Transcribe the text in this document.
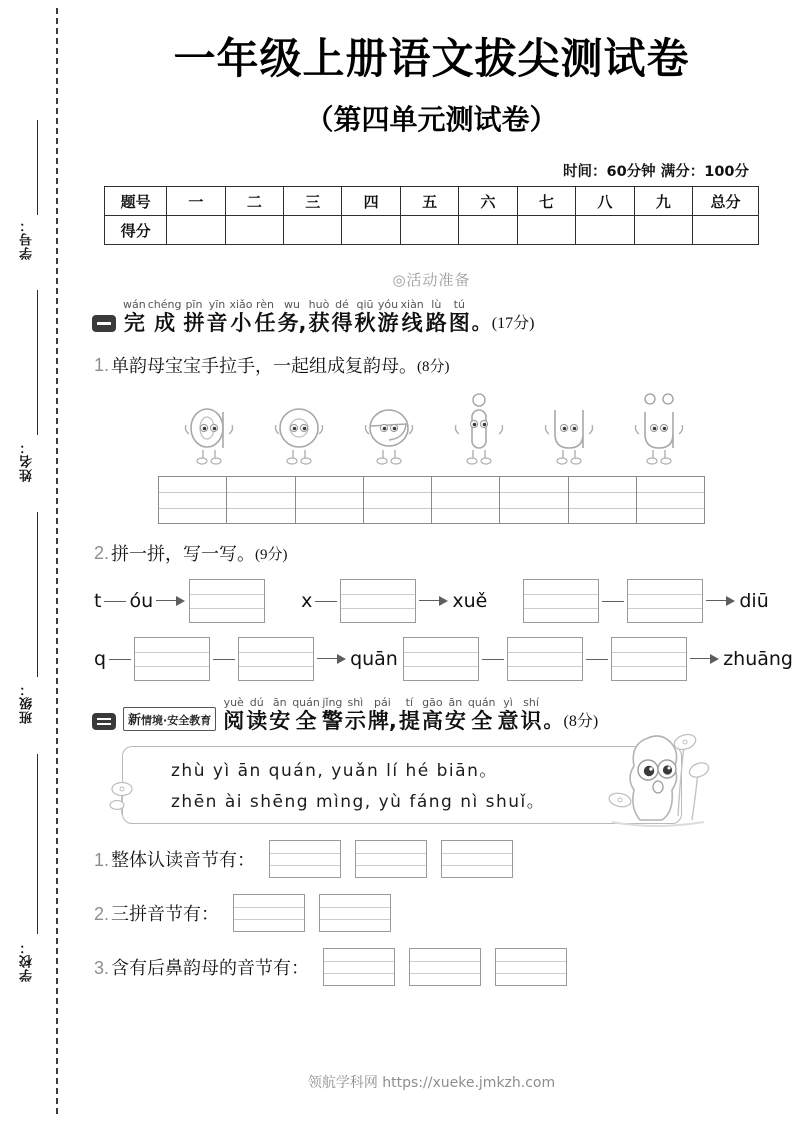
学号：
姓名：
班级：
学校：
一年级上册语文拔尖测试卷
（第四单元测试卷）
时间：60分钟 满分：100分
题号	一	二	三	四	五	六	七	八	九	总分
得分										
◎活动准备
wán
完
chéng
成
pīn
拼
yīn
音
xiǎo
小
rèn
任
wu
务,
huò
获
dé
得
qiū
秋
yóu
游
xiàn
线
lù
路
tú
图 。 (17分)
1. 单韵母宝宝手拉手，一起组成复韵母。 (8分)
2. 拼一拼，写一写。 (9分)
t óu	x	xuě	diū
q	quān	zhuāng
新情境·安全教育
yuè
阅
dú
读
ān
安
quán
全
jǐng
警
shì
示
pái
牌,
tí
提
gāo
高
ān
安
quán
全
yì
意
shí
识 。 (8分)
zhù yì ān quán, yuǎn lí hé biān。
zhēn ài shēng mìng, yù fáng nì shuǐ。
1. 整体认读音节有：
2. 三拼音节有：
3. 含有后鼻韵母的音节有：
领航学科网 https://xueke.jmkzh.com
